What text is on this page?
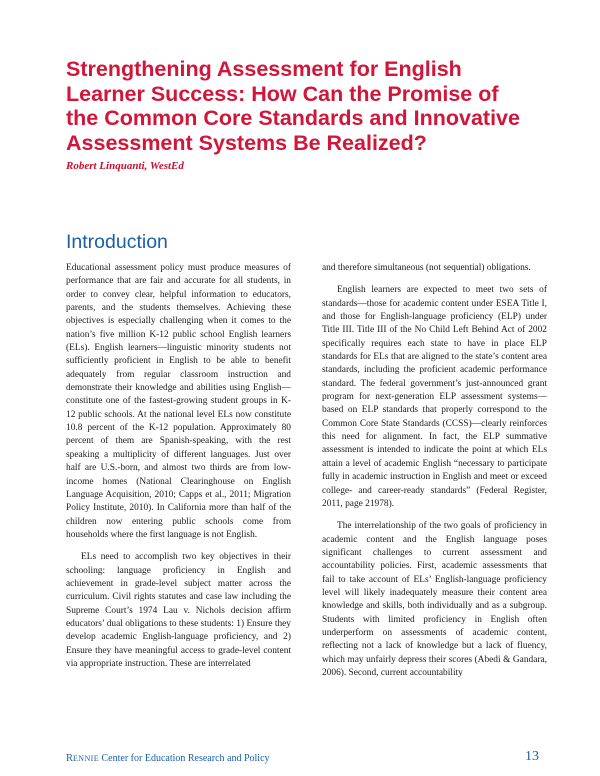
Strengthening Assessment for English
Learner Success: How Can the Promise of
the Common Core Standards and Innovative
Assessment Systems Be Realized?

Robert Linquanti, WestEd

Introduction

Educational assessment policy must produce measures of performance that are fair and accurate for all students, in order to convey clear, helpful information to educators, parents, and the students themselves. Achieving these objectives is especially challenging when it comes to the nation’s five million K-12 public school English learners (ELs). English learners—linguistic minority students not sufficiently proficient in English to be able to benefit adequately from regular classroom instruction and demonstrate their knowledge and abilities using English—constitute one of the fastest-growing student groups in K-12 public schools. At the national level ELs now constitute 10.8 percent of the K-12 population. Approximately 80 percent of them are Spanish-speaking, with the rest speaking a multiplicity of different languages. Just over half are U.S.-born, and almost two thirds are from low-income homes (National Clearinghouse on English Language Acquisition, 2010; Capps et al., 2011; Migration Policy Institute, 2010). In California more than half of the children now entering public schools come from households where the first language is not English.

ELs need to accomplish two key objectives in their schooling: language proficiency in English and achievement in grade-level subject matter across the curriculum. Civil rights statutes and case law including the Supreme Court’s 1974 Lau v. Nichols decision affirm educators’ dual obligations to these students: 1) Ensure they develop academic English-language proficiency, and 2) Ensure they have meaningful access to grade-level content via appropriate instruction. These are interrelated

and therefore simultaneous (not sequential) obligations.

English learners are expected to meet two sets of standards—those for academic content under ESEA Title I, and those for English-language proficiency (ELP) under Title III. Title III of the No Child Left Behind Act of 2002 specifically requires each state to have in place ELP standards for ELs that are aligned to the state’s content area standards, including the proficient academic performance standard. The federal government’s just-announced grant program for next-generation ELP assessment systems—based on ELP standards that properly correspond to the Common Core State Standards (CCSS)—clearly reinforces this need for alignment. In fact, the ELP summative assessment is intended to indicate the point at which ELs attain a level of academic English “necessary to participate fully in academic instruction in English and meet or exceed college- and career-ready standards” (Federal Register, 2011, page 21978).

The interrelationship of the two goals of proficiency in academic content and the English language poses significant challenges to current assessment and accountability policies. First, academic assessments that fail to take account of ELs’ English-language proficiency level will likely inadequately measure their content area knowledge and skills, both individually and as a subgroup. Students with limited proficiency in English often underperform on assessments of academic content, reflecting not a lack of knowledge but a lack of fluency, which may unfairly depress their scores (Abedi & Gandara, 2006). Second, current accountability

RENNIE Center for Education Research and Policy	13
